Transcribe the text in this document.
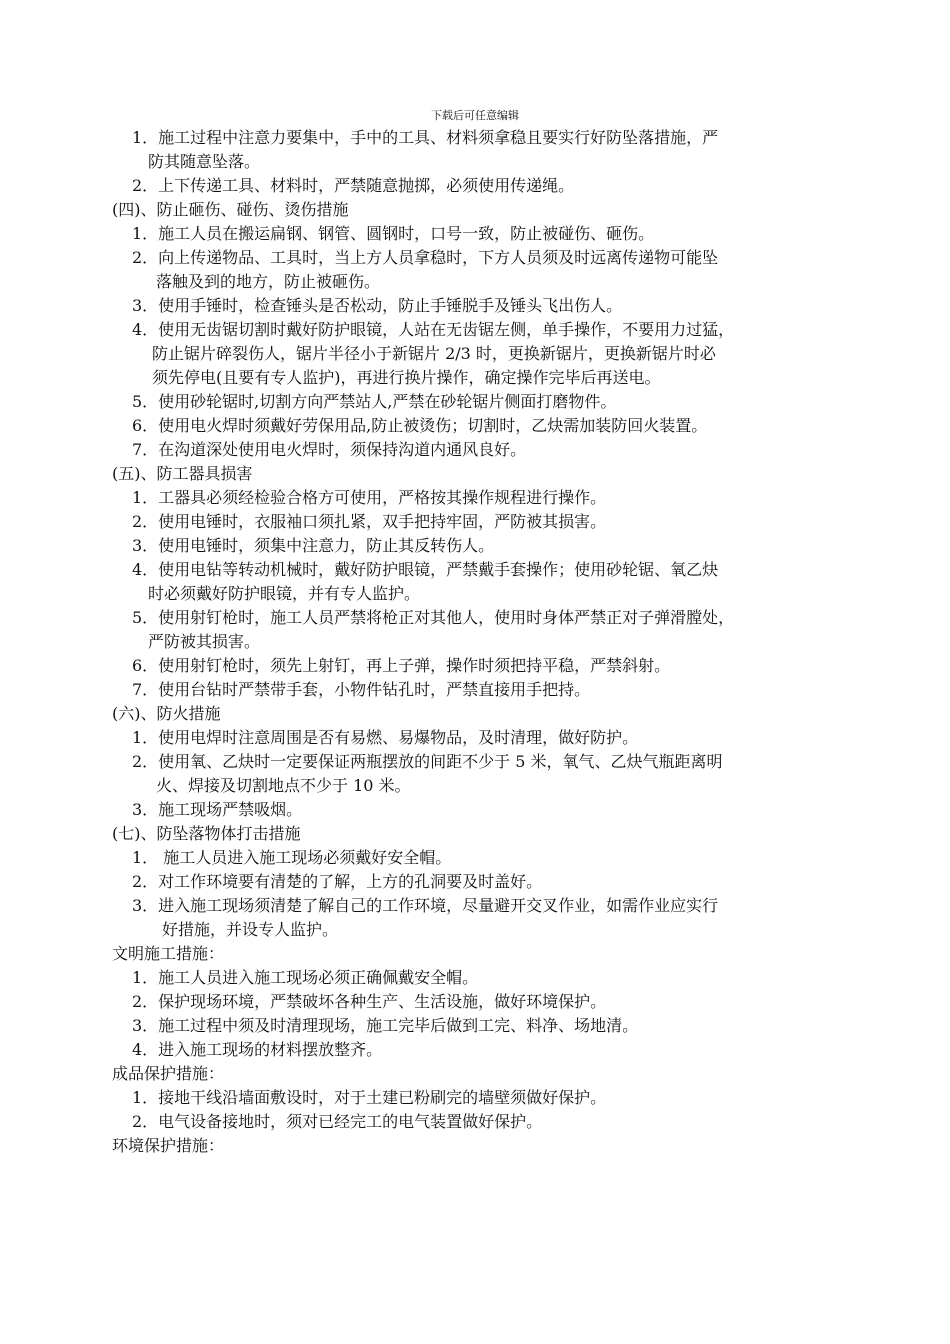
下载后可任意编辑
1．施工过程中注意力要集中，手中的工具、材料须拿稳且要实行好防坠落措施，严
防其随意坠落。
2．上下传递工具、材料时，严禁随意抛掷，必须使用传递绳。
(四)、防止砸伤、碰伤、烫伤措施
1．施工人员在搬运扁钢、钢管、圆钢时，口号一致，防止被碰伤、砸伤。
2．向上传递物品、工具时，当上方人员拿稳时，下方人员须及时远离传递物可能坠
落触及到的地方，防止被砸伤。
3．使用手锤时，检查锤头是否松动，防止手锤脱手及锤头飞出伤人。
4．使用无齿锯切割时戴好防护眼镜，人站在无齿锯左侧，单手操作，不要用力过猛，
防止锯片碎裂伤人，锯片半径小于新锯片 2/3 时，更换新锯片，更换新锯片时必
须先停电(且要有专人监护)，再进行换片操作，确定操作完毕后再送电。
5．使用砂轮锯时,切割方向严禁站人,严禁在砂轮锯片侧面打磨物件。
6．使用电火焊时须戴好劳保用品,防止被烫伤；切割时，乙炔需加装防回火装置。
7．在沟道深处使用电火焊时，须保持沟道内通风良好。
(五)、防工器具损害
1．工器具必须经检验合格方可使用，严格按其操作规程进行操作。
2．使用电锤时，衣服袖口须扎紧，双手把持牢固，严防被其损害。
3．使用电锤时，须集中注意力，防止其反转伤人。
4．使用电钻等转动机械时，戴好防护眼镜，严禁戴手套操作；使用砂轮锯、氧乙炔
时必须戴好防护眼镜，并有专人监护。
5．使用射钉枪时，施工人员严禁将枪正对其他人，使用时身体严禁正对子弹滑膛处，
严防被其损害。
6．使用射钉枪时，须先上射钉，再上子弹，操作时须把持平稳，严禁斜射。
7．使用台钻时严禁带手套，小物件钻孔时，严禁直接用手把持。
(六)、防火措施
1．使用电焊时注意周围是否有易燃、易爆物品，及时清理，做好防护。
2．使用氧、乙炔时一定要保证两瓶摆放的间距不少于 5 米，氧气、乙炔气瓶距离明
火、焊接及切割地点不少于 10 米。
3．施工现场严禁吸烟。
(七)、防坠落物体打击措施
1． 施工人员进入施工现场必须戴好安全帽。
2．对工作环境要有清楚的了解，上方的孔洞要及时盖好。
3．进入施工现场须清楚了解自己的工作环境，尽量避开交叉作业，如需作业应实行
好措施，并设专人监护。
文明施工措施：
1．施工人员进入施工现场必须正确佩戴安全帽。
2．保护现场环境，严禁破坏各种生产、生活设施，做好环境保护。
3．施工过程中须及时清理现场，施工完毕后做到工完、料净、场地清。
4．进入施工现场的材料摆放整齐。
成品保护措施：
1．接地干线沿墙面敷设时，对于土建已粉刷完的墙壁须做好保护。
2．电气设备接地时，须对已经完工的电气装置做好保护。
环境保护措施：
